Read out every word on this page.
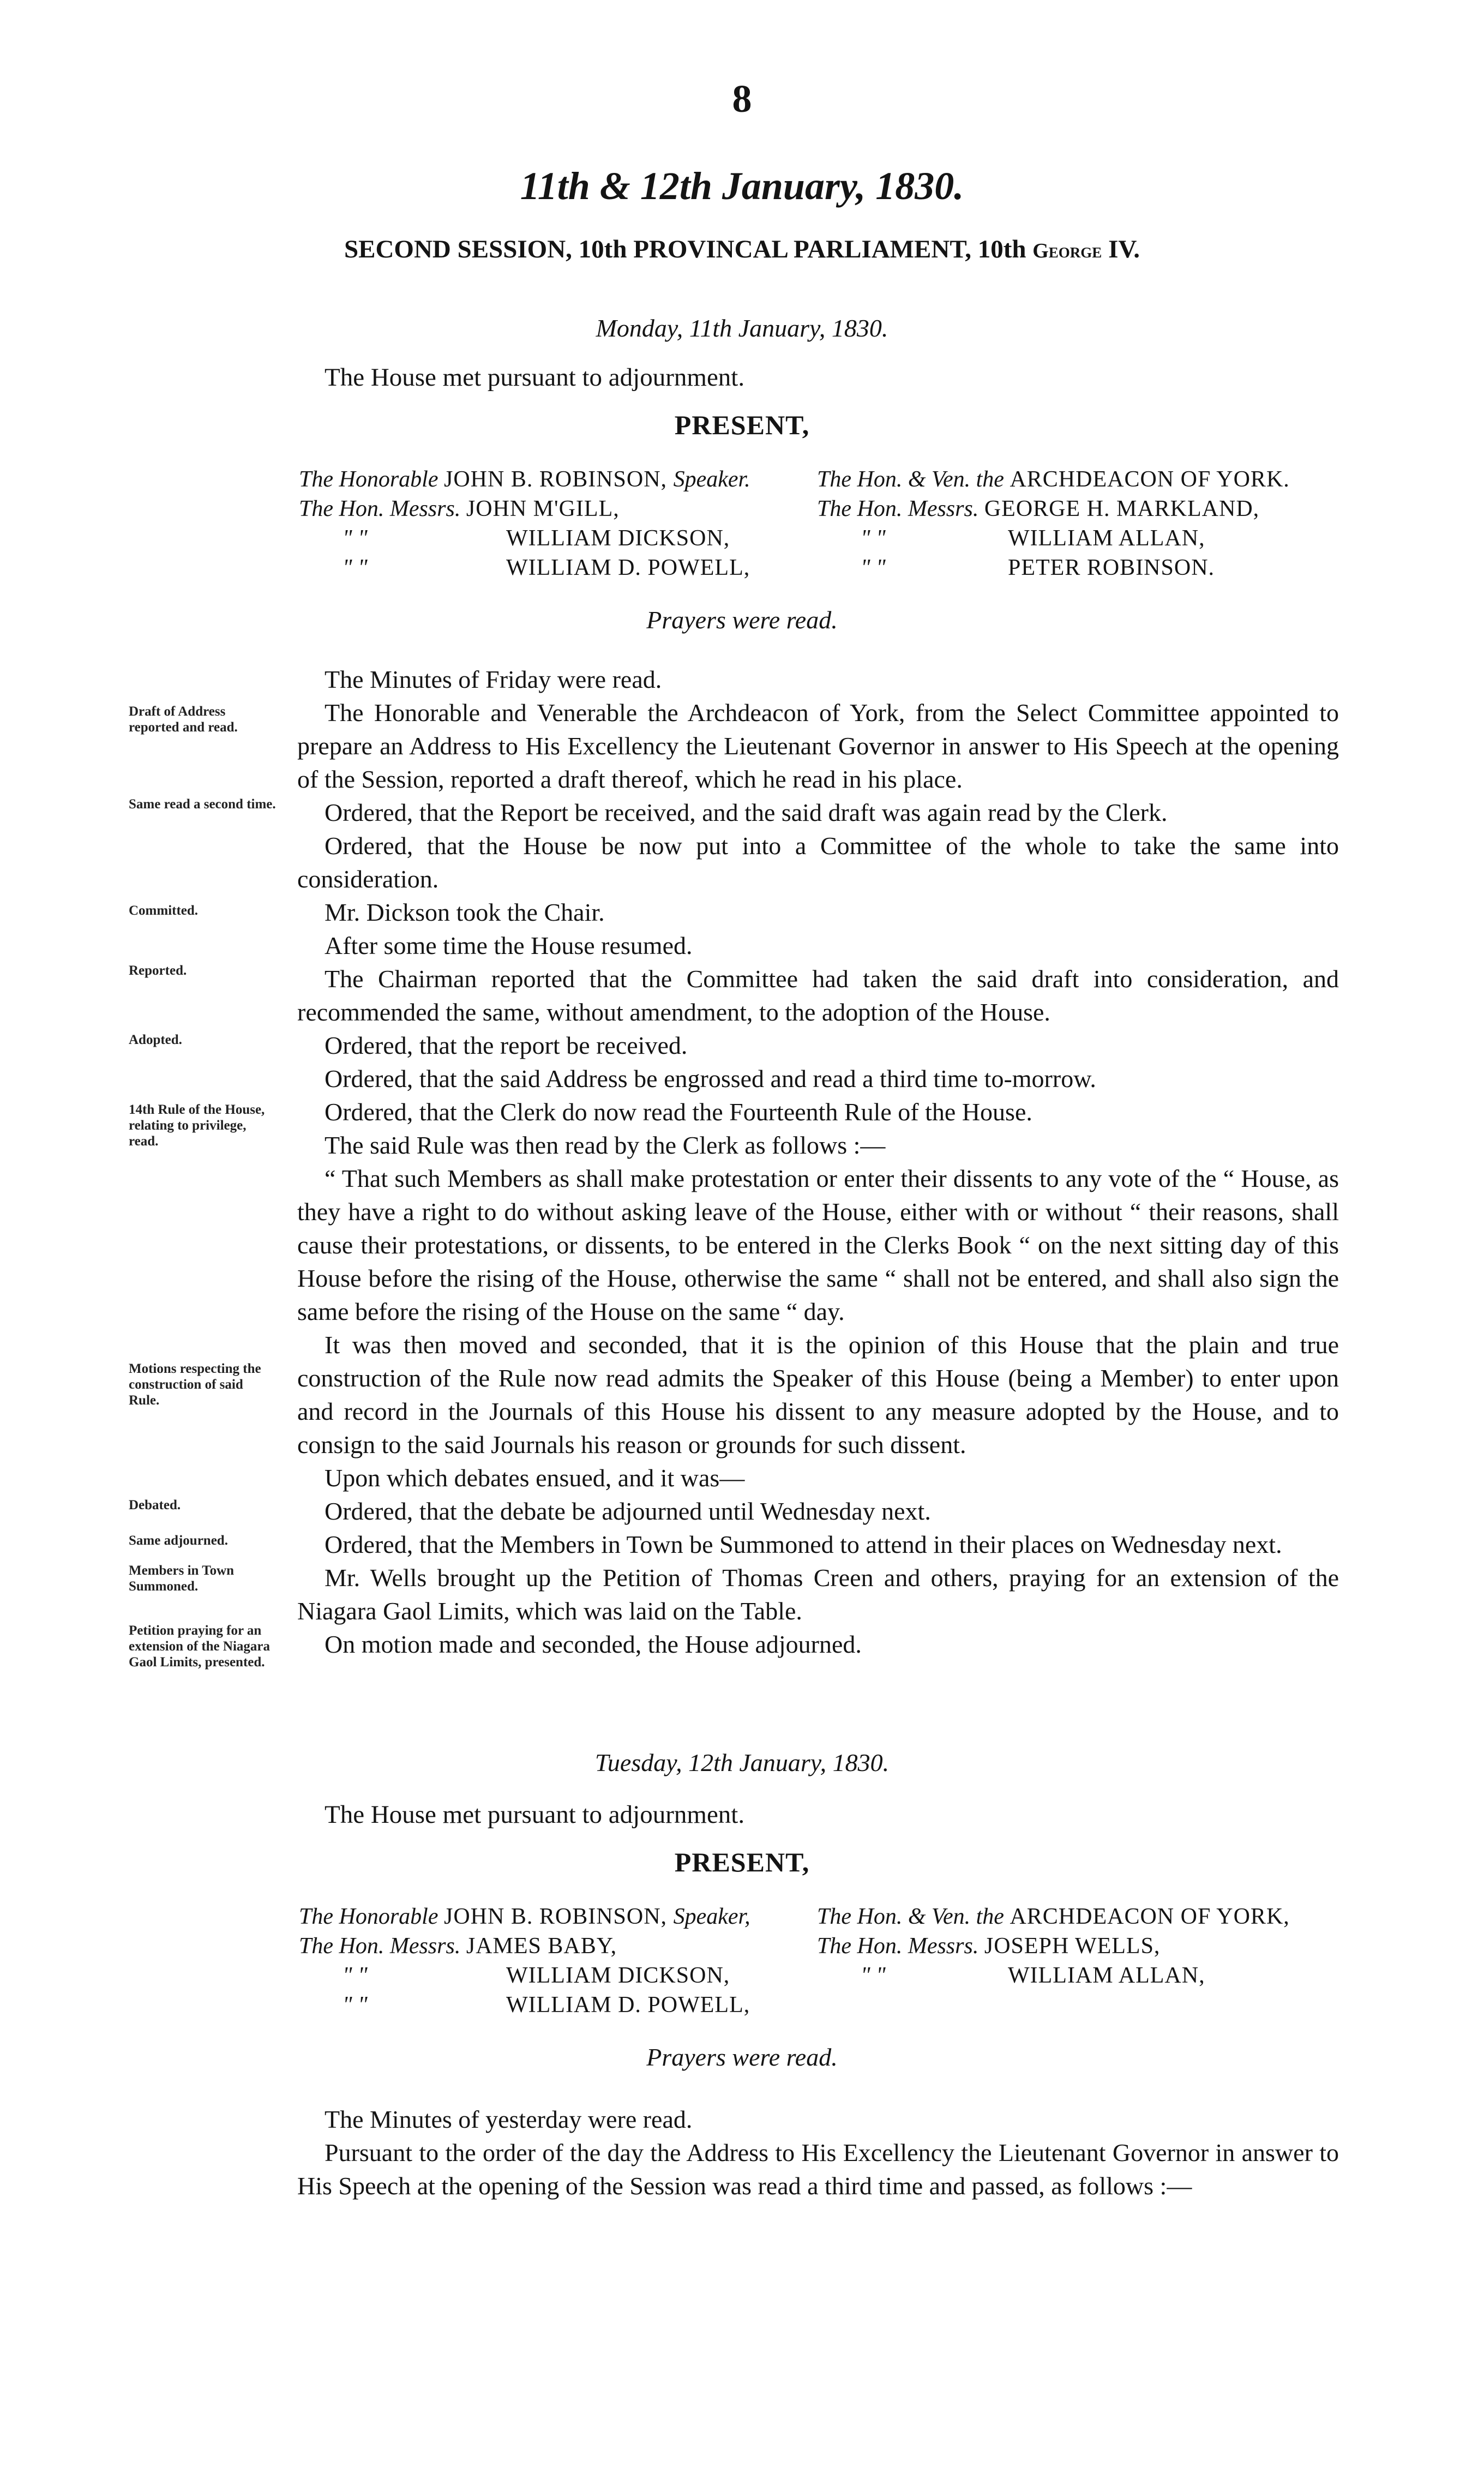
8
11th & 12th January, 1830.
SECOND SESSION, 10th PROVINCAL PARLIAMENT, 10th George IV.
Monday, 11th January, 1830.
The House met pursuant to adjournment.
PRESENT,
The Honorable JOHN B. ROBINSON, Speaker.	The Hon. & Ven. the ARCHDEACON OF YORK.
The Hon. Messrs. JOHN M'GILL,	The Hon. Messrs. GEORGE H. MARKLAND,
" "	WILLIAM DICKSON,	" "	WILLIAM ALLAN,
" "	WILLIAM D. POWELL,	" "	PETER ROBINSON.
Prayers were read.

The Minutes of Friday were read.

The Honorable and Venerable the Archdeacon of York, from the Select Committee appointed to prepare an Address to His Excellency the Lieutenant Governor in answer to His Speech at the opening of the Session, reported a draft thereof, which he read in his place.

Ordered, that the Report be received, and the said draft was again read by the Clerk.

Ordered, that the House be now put into a Committee of the whole to take the same into consideration.

Mr. Dickson took the Chair.

After some time the House resumed.

The Chairman reported that the Committee had taken the said draft into consideration, and recommended the same, without amendment, to the adoption of the House.

Ordered, that the report be received.

Ordered, that the said Address be engrossed and read a third time to-morrow.

Ordered, that the Clerk do now read the Fourteenth Rule of the House.

The said Rule was then read by the Clerk as follows :—

“ That such Members as shall make protestation or enter their dissents to any vote of the “ House, as they have a right to do without asking leave of the House, either with or without “ their reasons, shall cause their protestations, or dissents, to be entered in the Clerks Book “ on the next sitting day of this House before the rising of the House, otherwise the same “ shall not be entered, and shall also sign the same before the rising of the House on the same “ day.

It was then moved and seconded, that it is the opinion of this House that the plain and true construction of the Rule now read admits the Speaker of this House (being a Member) to enter upon and record in the Journals of this House his dissent to any measure adopted by the House, and to consign to the said Journals his reason or grounds for such dissent.

Upon which debates ensued, and it was—

Ordered, that the debate be adjourned until Wednesday next.

Ordered, that the Members in Town be Summoned to attend in their places on Wednesday next.

Mr. Wells brought up the Petition of Thomas Creen and others, praying for an extension of the Niagara Gaol Limits, which was laid on the Table.

On motion made and seconded, the House adjourned.

Draft of Address reported and read.
Same read a second time.
Committed.
Reported.
Adopted.
14th Rule of the House, relating to privilege, read.
Motions respecting the construction of said Rule.
Debated.
Same adjourned.
Members in Town Summoned.
Petition praying for an extension of the Niagara Gaol Limits, presented.
Tuesday, 12th January, 1830.
The House met pursuant to adjournment.
PRESENT,
The Honorable JOHN B. ROBINSON, Speaker,	The Hon. & Ven. the ARCHDEACON OF YORK,
The Hon. Messrs. JAMES BABY,	The Hon. Messrs. JOSEPH WELLS,
" "	WILLIAM DICKSON,	" "	WILLIAM ALLAN,
" "	WILLIAM D. POWELL,
Prayers were read.

The Minutes of yesterday were read.

Pursuant to the order of the day the Address to His Excellency the Lieutenant Governor in answer to His Speech at the opening of the Session was read a third time and passed, as follows :—
